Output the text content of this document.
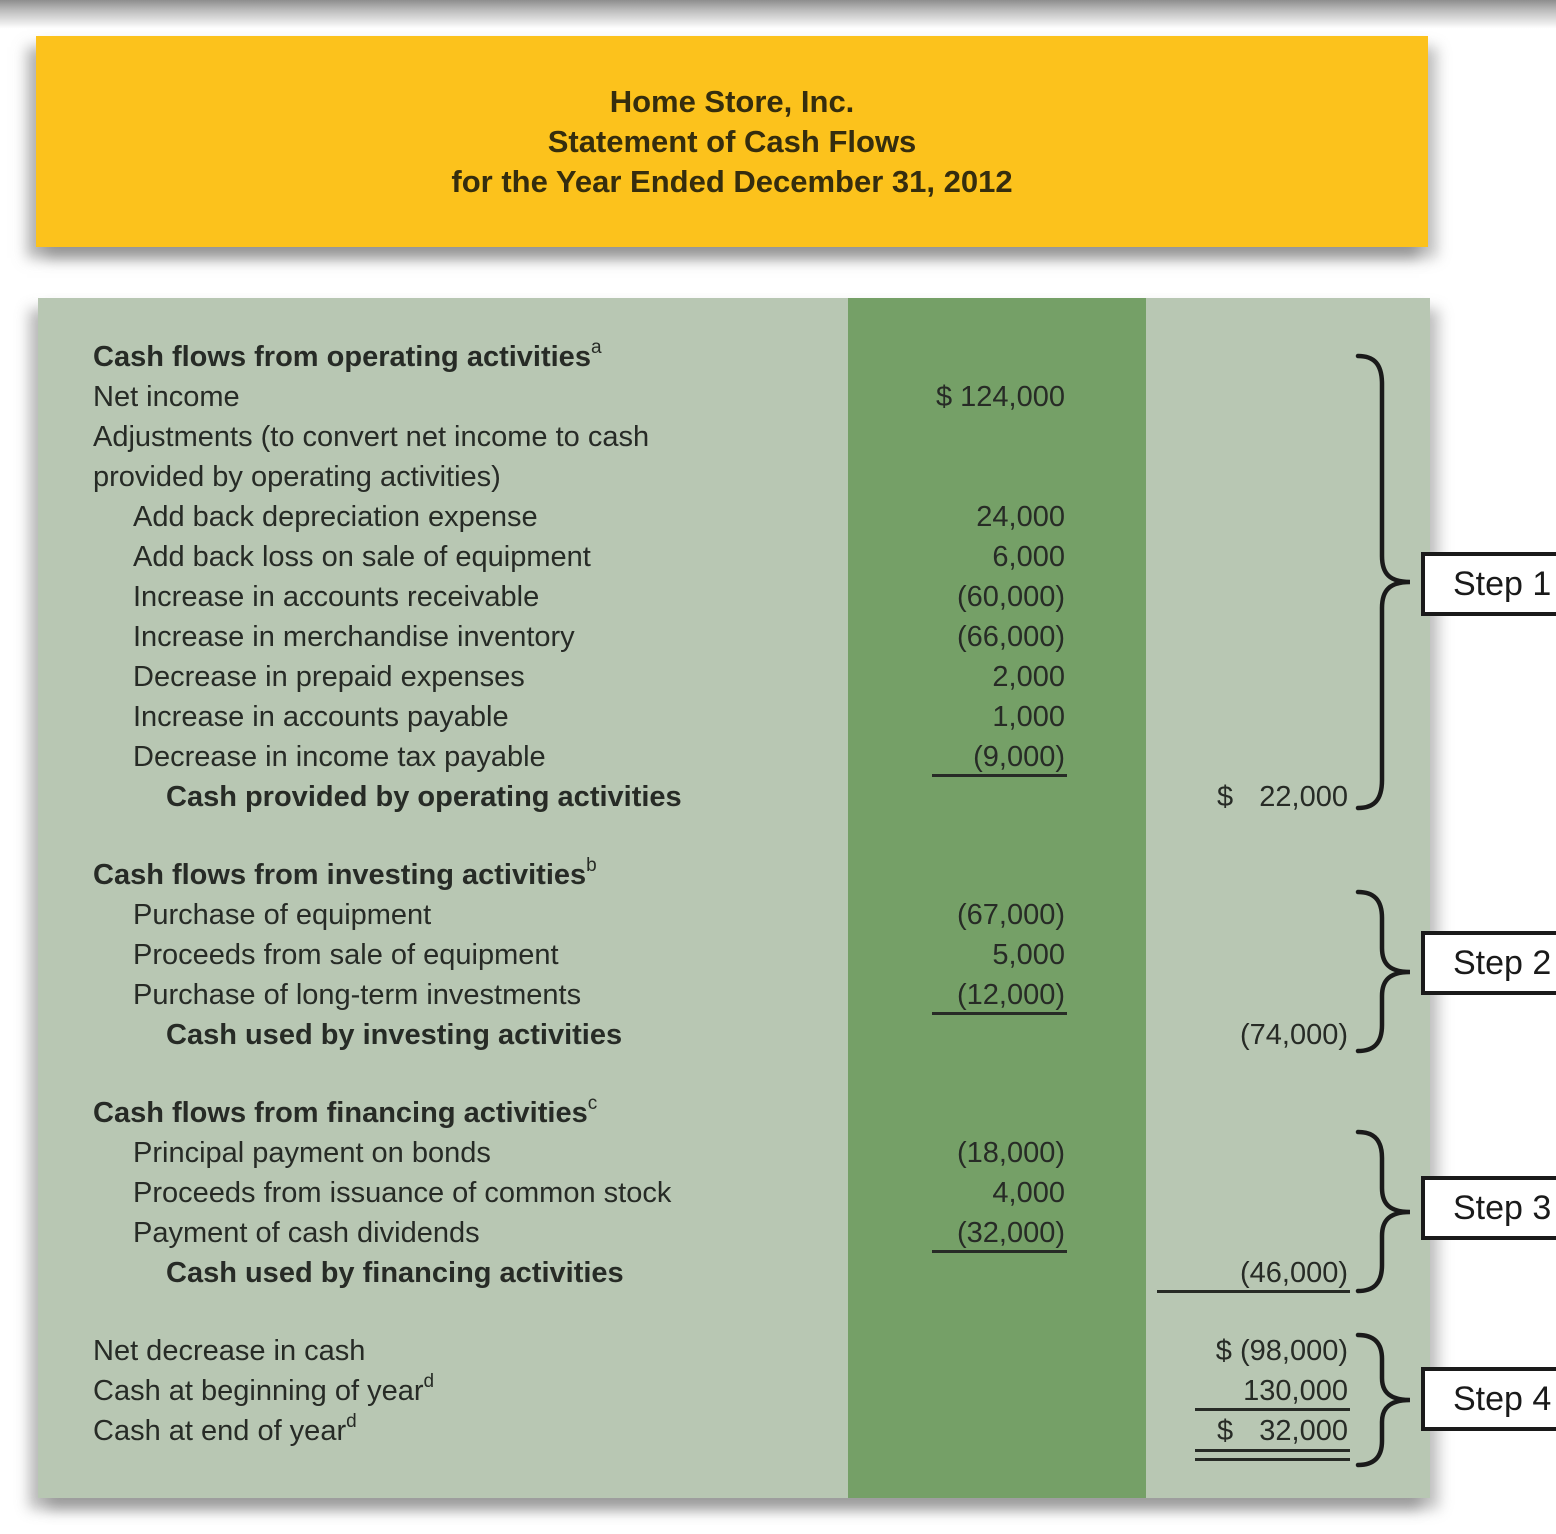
Home Store, Inc.
Statement of Cash Flows
for the Year Ended December 31, 2012
Cash flows from operating activities$^a$
Net income	$ 124,000
Adjustments (to convert net income to cash
provided by operating activities)
Add back depreciation expense	24,000
Add back loss on sale of equipment	6,000
Increase in accounts receivable	(60,000)
Increase in merchandise inventory	(66,000)
Decrease in prepaid expenses	2,000
Increase in accounts payable	1,000
Decrease in income tax payable	(9,000)
Cash provided by operating activities	$ 22,000
Cash flows from investing activities$^b$
Purchase of equipment	(67,000)
Proceeds from sale of equipment	5,000
Purchase of long-term investments	(12,000)
Cash used by investing activities	(74,000)
Cash flows from financing activities$^c$
Principal payment on bonds	(18,000)
Proceeds from issuance of common stock	4,000
Payment of cash dividends	(32,000)
Cash used by financing activities	(46,000)
Net decrease in cash	$ (98,000)
Cash at beginning of year$^d$	130,000
Cash at end of year$^d$	$ 32,000
Step 1
Step 2
Step 3
Step 4
